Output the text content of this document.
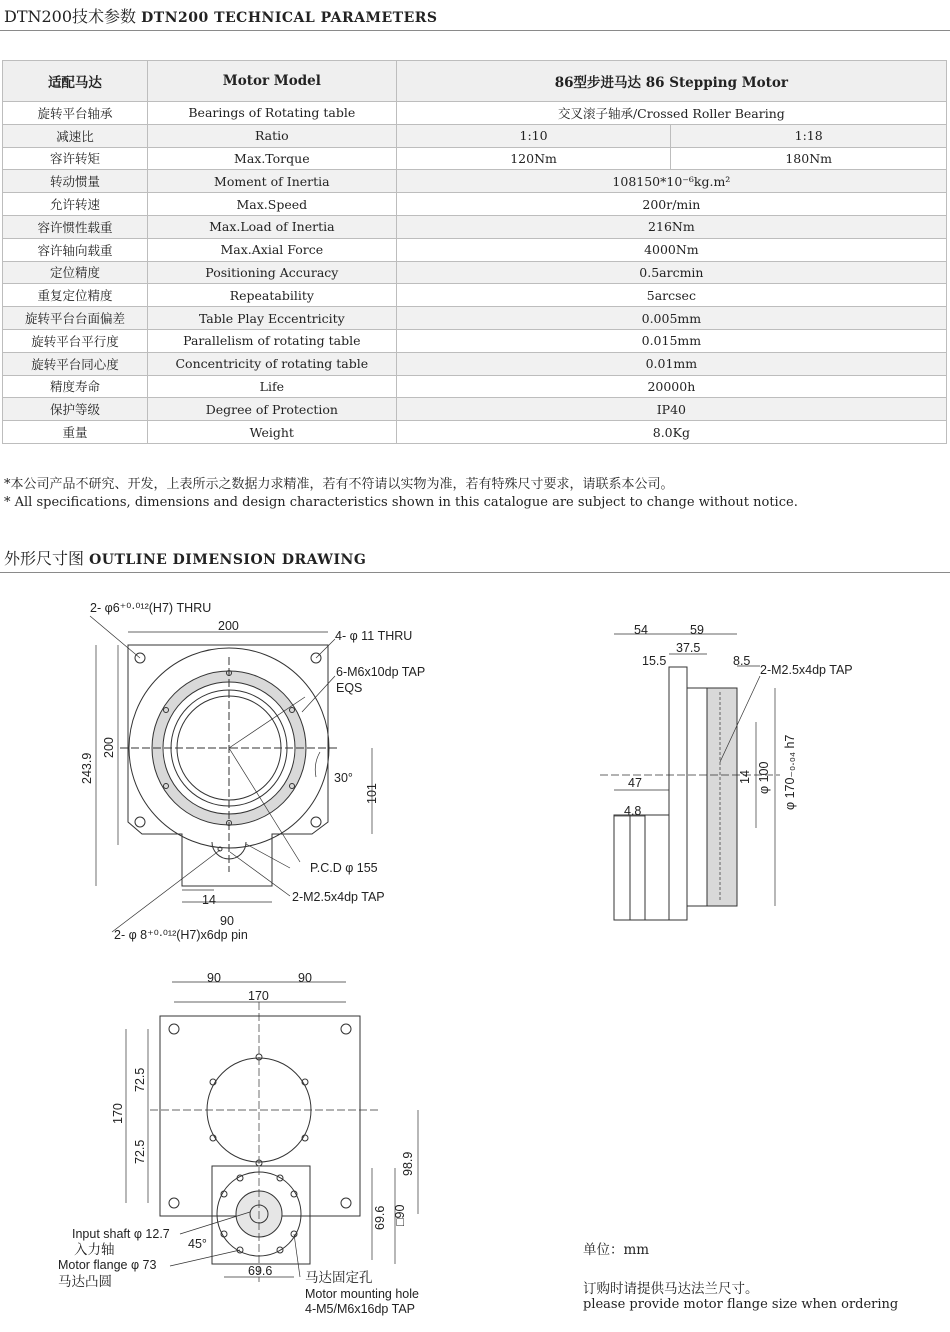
DTN200技术参数 DTN200 TECHNICAL PARAMETERS
适配马达	Motor Model	86型步进马达 86 Stepping Motor	
旋转平台轴承	Bearings of Rotating table	交叉滚子轴承/Crossed Roller Bearing	
减速比	Ratio	1:10	1:18
容许转矩	Max.Torque	120Nm	180Nm
转动惯量	Moment of Inertia	108150*10⁻⁶kg.m²	
允许转速	Max.Speed	200r/min	
容许惯性载重	Max.Load of Inertia	216Nm	
容许轴向载重	Max.Axial Force	4000Nm	
定位精度	Positioning Accuracy	0.5arcmin	
重复定位精度	Repeatability	5arcsec	
旋转平台台面偏差	Table Play Eccentricity	0.005mm	
旋转平台平行度	Parallelism of rotating table	0.015mm	
旋转平台同心度	Concentricity of rotating table	0.01mm	
精度寿命	Life	20000h	
保护等级	Degree of Protection	IP40	
重量	Weight	8.0Kg	
*本公司产品不研究、开发，上表所示之数据力求精准，若有不符请以实物为准，若有特殊尺寸要求，请联系本公司。
* All specifications, dimensions and design characteristics shown in this catalogue are subject to change without notice.
外形尺寸图 OUTLINE DIMENSION DRAWING
2- φ6⁺⁰·⁰¹²(H7) THRU
200
4- φ 11 THRU
6-M6x10dp TAP
EQS
30°
243.9
200
101
P.C.D φ 155
2-M2.5x4dp TAP
14
90
2- φ 8⁺⁰·⁰¹²(H7)x6dp pin
54	59
37.5
15.5	8.5
2-M2.5x4dp TAP
47
4.8
14 φ 100 φ 170₋₀.₀₄ h7
90	90
170
170
72.5
72.5	98.9
69.6 □90
69.6
45°
Input shaft φ 12.7
入力轴
Motor flange φ 73
马达凸圆	马达固定孔
Motor mounting hole
4-M5/M6x16dp TAP
单位：mm
订购时请提供马达法兰尺寸。
please provide motor flange size when ordering
